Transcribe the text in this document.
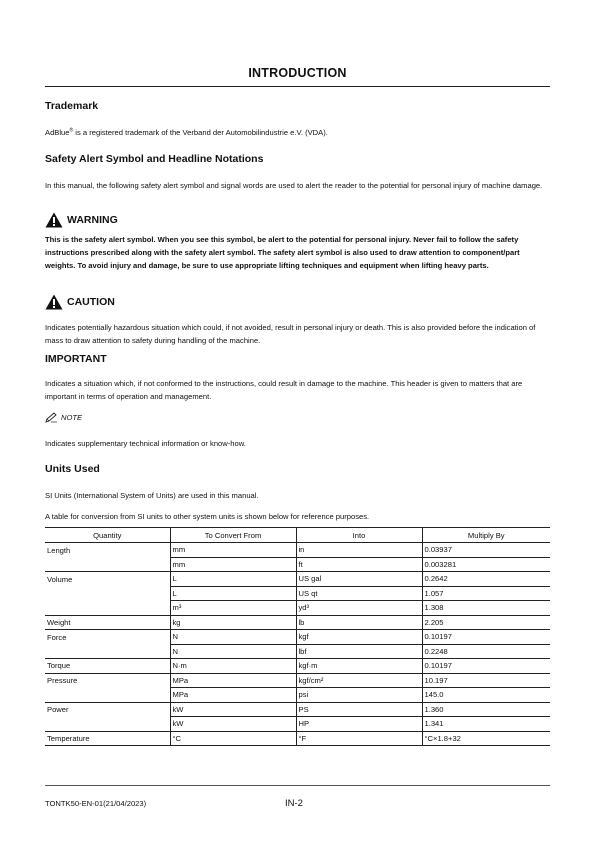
INTRODUCTION
Trademark
AdBlue® is a registered trademark of the Verband der Automobilindustrie e.V. (VDA).
Safety Alert Symbol and Headline Notations
In this manual, the following safety alert symbol and signal words are used to alert the reader to the potential for personal injury of machine damage.
WARNING
This is the safety alert symbol. When you see this symbol, be alert to the potential for personal injury. Never fail to follow the safety instructions prescribed along with the safety alert symbol. The safety alert symbol is also used to draw attention to component/part weights. To avoid injury and damage, be sure to use appropriate lifting techniques and equipment when lifting heavy parts.
CAUTION
Indicates potentially hazardous situation which could, if not avoided, result in personal injury or death. This is also provided before the indication of mass to draw attention to safety during handling of the machine.
IMPORTANT
Indicates a situation which, if not conformed to the instructions, could result in damage to the machine. This header is given to matters that are important in terms of operation and management.
NOTE
Indicates supplementary technical information or know-how.
Units Used
SI Units (International System of Units) are used in this manual.
A table for conversion from SI units to other system units is shown below for reference purposes.
Quantity	To Convert From	Into	Multiply By
Length	mm	in	0.03937
	mm	ft	0.003281
Volume	L	US gal	0.2642
	L	US qt	1.057
	m³	yd³	1.308
Weight	kg	lb	2.205
Force	N	kgf	0.10197
	N	lbf	0.2248
Torque	N·m	kgf·m	0.10197
Pressure	MPa	kgf/cm²	10.197
	MPa	psi	145.0
Power	kW	PS	1.360
	kW	HP	1.341
Temperature	°C	°F	°C×1.8+32
TONTK50-EN-01(21/04/2023)	IN-2
